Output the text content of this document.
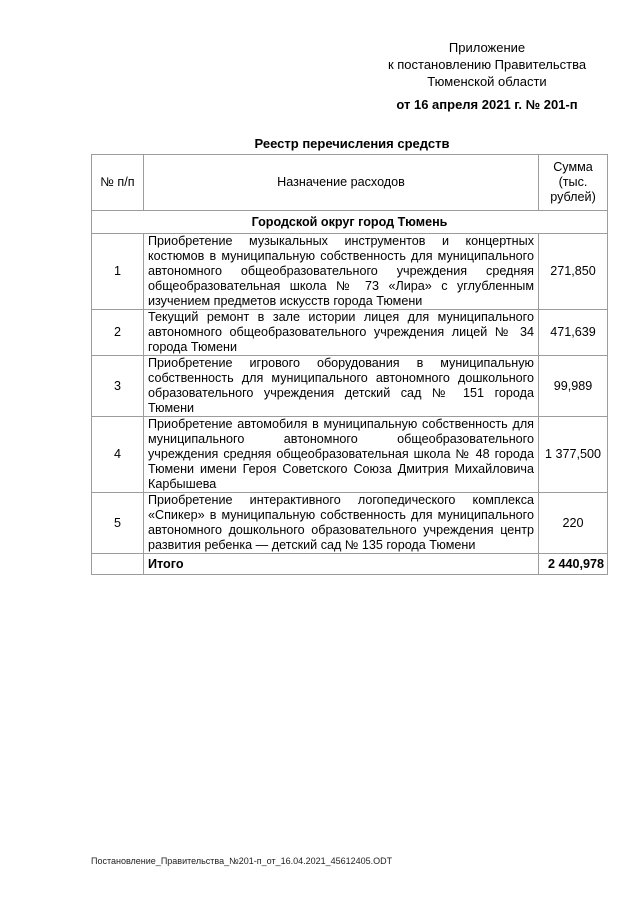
Приложение
к постановлению Правительства
Тюменской области
от 16 апреля 2021 г. № 201-п
Реестр перечисления средств
№ п/п	Назначение расходов	Сумма (тыс. рублей)
Городской округ город Тюмень		
1	Приобретение музыкальных инструментов и концертных костюмов в муниципальную собственность для муниципального автономного общеобразовательного учреждения средняя общеобразовательная школа № 73 «Лира» с углубленным изучением предметов искусств города Тюмени	271,850
2	Текущий ремонт в зале истории лицея для муниципального автономного общеобразовательного учреждения лицей № 34 города Тюмени	471,639
3	Приобретение игрового оборудования в муниципальную собственность для муниципального автономного дошкольного образовательного учреждения детский сад № 151 города Тюмени	99,989
4	Приобретение автомобиля в муниципальную собственность для муниципального автономного общеобразовательного учреждения средняя общеобразовательная школа № 48 города Тюмени имени Героя Советского Союза Дмитрия Михайловича Карбышева	1 377,500
5	Приобретение интерактивного логопедического комплекса «Спикер» в муниципальную собственность для муниципального автономного дошкольного образовательного учреждения центр развития ребенка — детский сад № 135 города Тюмени	220
	Итого	2 440,978
Постановление_Правительства_№201-п_от_16.04.2021_45612405.ODT
